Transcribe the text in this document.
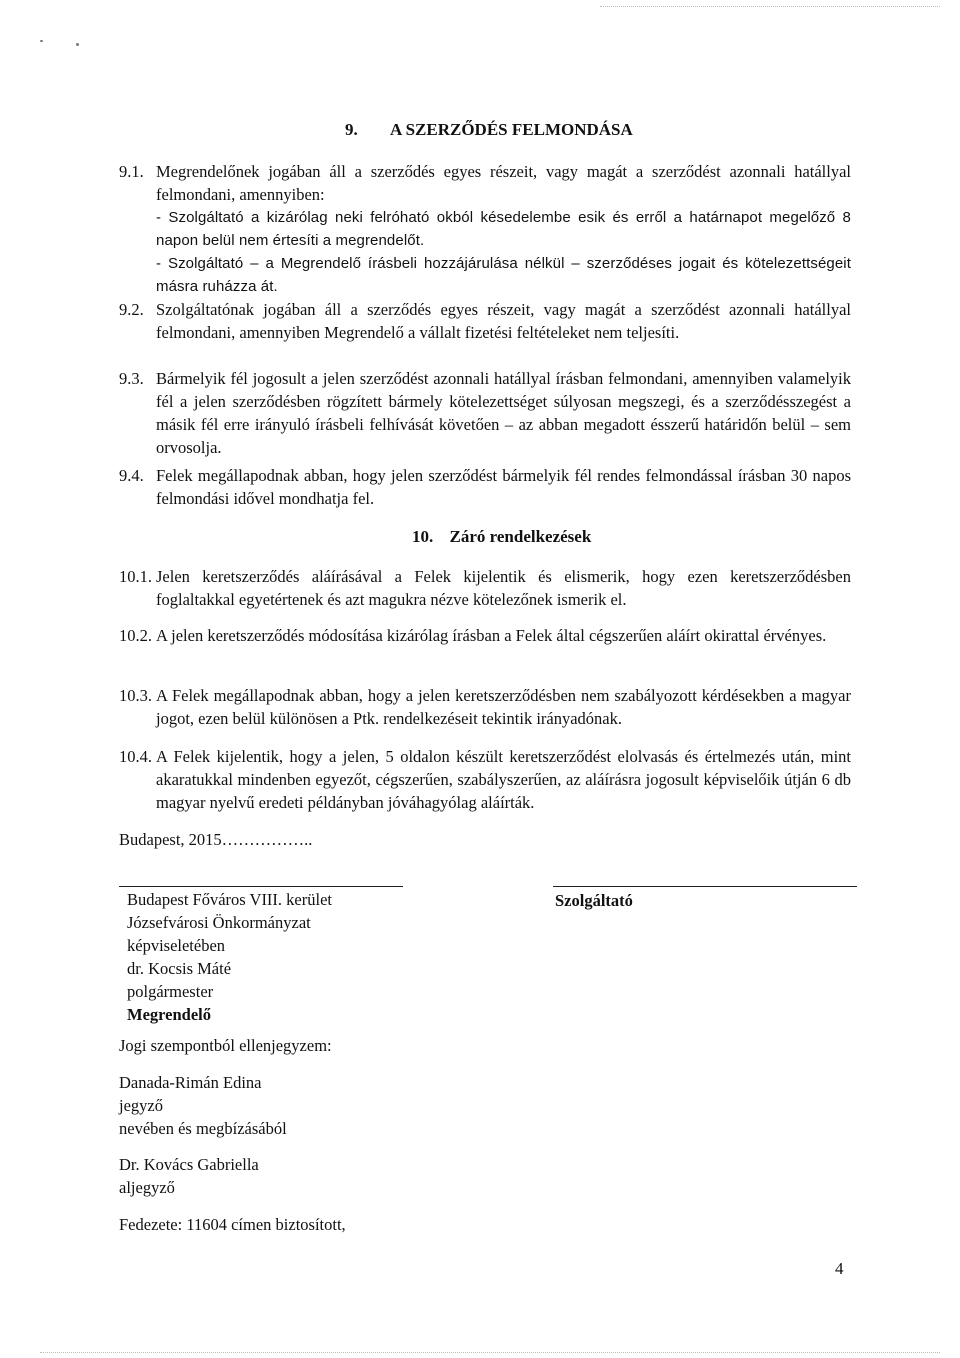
9. A SZERZŐDÉS FELMONDÁSA
9.1. Megrendelőnek jogában áll a szerződés egyes részeit, vagy magát a szerződést azonnali hatállyal felmondani, amennyiben:
- Szolgáltató a kizárólag neki felróható okból késedelembe esik és erről a határnapot megelőző 8 napon belül nem értesíti a megrendelőt.
- Szolgáltató – a Megrendelő írásbeli hozzájárulása nélkül – szerződéses jogait és kötelezettségeit másra ruházza át.
9.2. Szolgáltatónak jogában áll a szerződés egyes részeit, vagy magát a szerződést azonnali hatállyal felmondani, amennyiben Megrendelő a vállalt fizetési feltételeket nem teljesíti.
9.3. Bármelyik fél jogosult a jelen szerződést azonnali hatállyal írásban felmondani, amennyiben valamelyik fél a jelen szerződésben rögzített bármely kötelezettséget súlyosan megszegi, és a szerződésszegést a másik fél erre irányuló írásbeli felhívását követően – az abban megadott ésszerű határidőn belül – sem orvosolja.
9.4. Felek megállapodnak abban, hogy jelen szerződést bármelyik fél rendes felmondással írásban 30 napos felmondási idővel mondhatja fel.
10. Záró rendelkezések
10.1. Jelen keretszerződés aláírásával a Felek kijelentik és elismerik, hogy ezen keretszerződésben foglaltakkal egyetértenek és azt magukra nézve kötelezőnek ismerik el.
10.2. A jelen keretszerződés módosítása kizárólag írásban a Felek által cégszerűen aláírt okirattal érvényes.
10.3. A Felek megállapodnak abban, hogy a jelen keretszerződésben nem szabályozott kérdésekben a magyar jogot, ezen belül különösen a Ptk. rendelkezéseit tekintik irányadónak.
10.4. A Felek kijelentik, hogy a jelen, 5 oldalon készült keretszerződést elolvasás és értelmezés után, mint akaratukkal mindenben egyezőt, cégszerűen, szabályszerűen, az aláírásra jogosult képviselőik útján 6 db magyar nyelvű eredeti példányban jóváhagyólag aláírták.
Budapest, 2015……………..
Budapest Főváros VIII. kerület
Józsefvárosi Önkormányzat
képviseletében
dr. Kocsis Máté
polgármester
Megrendelő
Szolgáltató
Jogi szempontból ellenjegyzem:
Danada-Rimán Edina
jegyző
nevében és megbízásából
Dr. Kovács Gabriella
aljegyző
Fedezete: 11604 címen biztosított,
4
